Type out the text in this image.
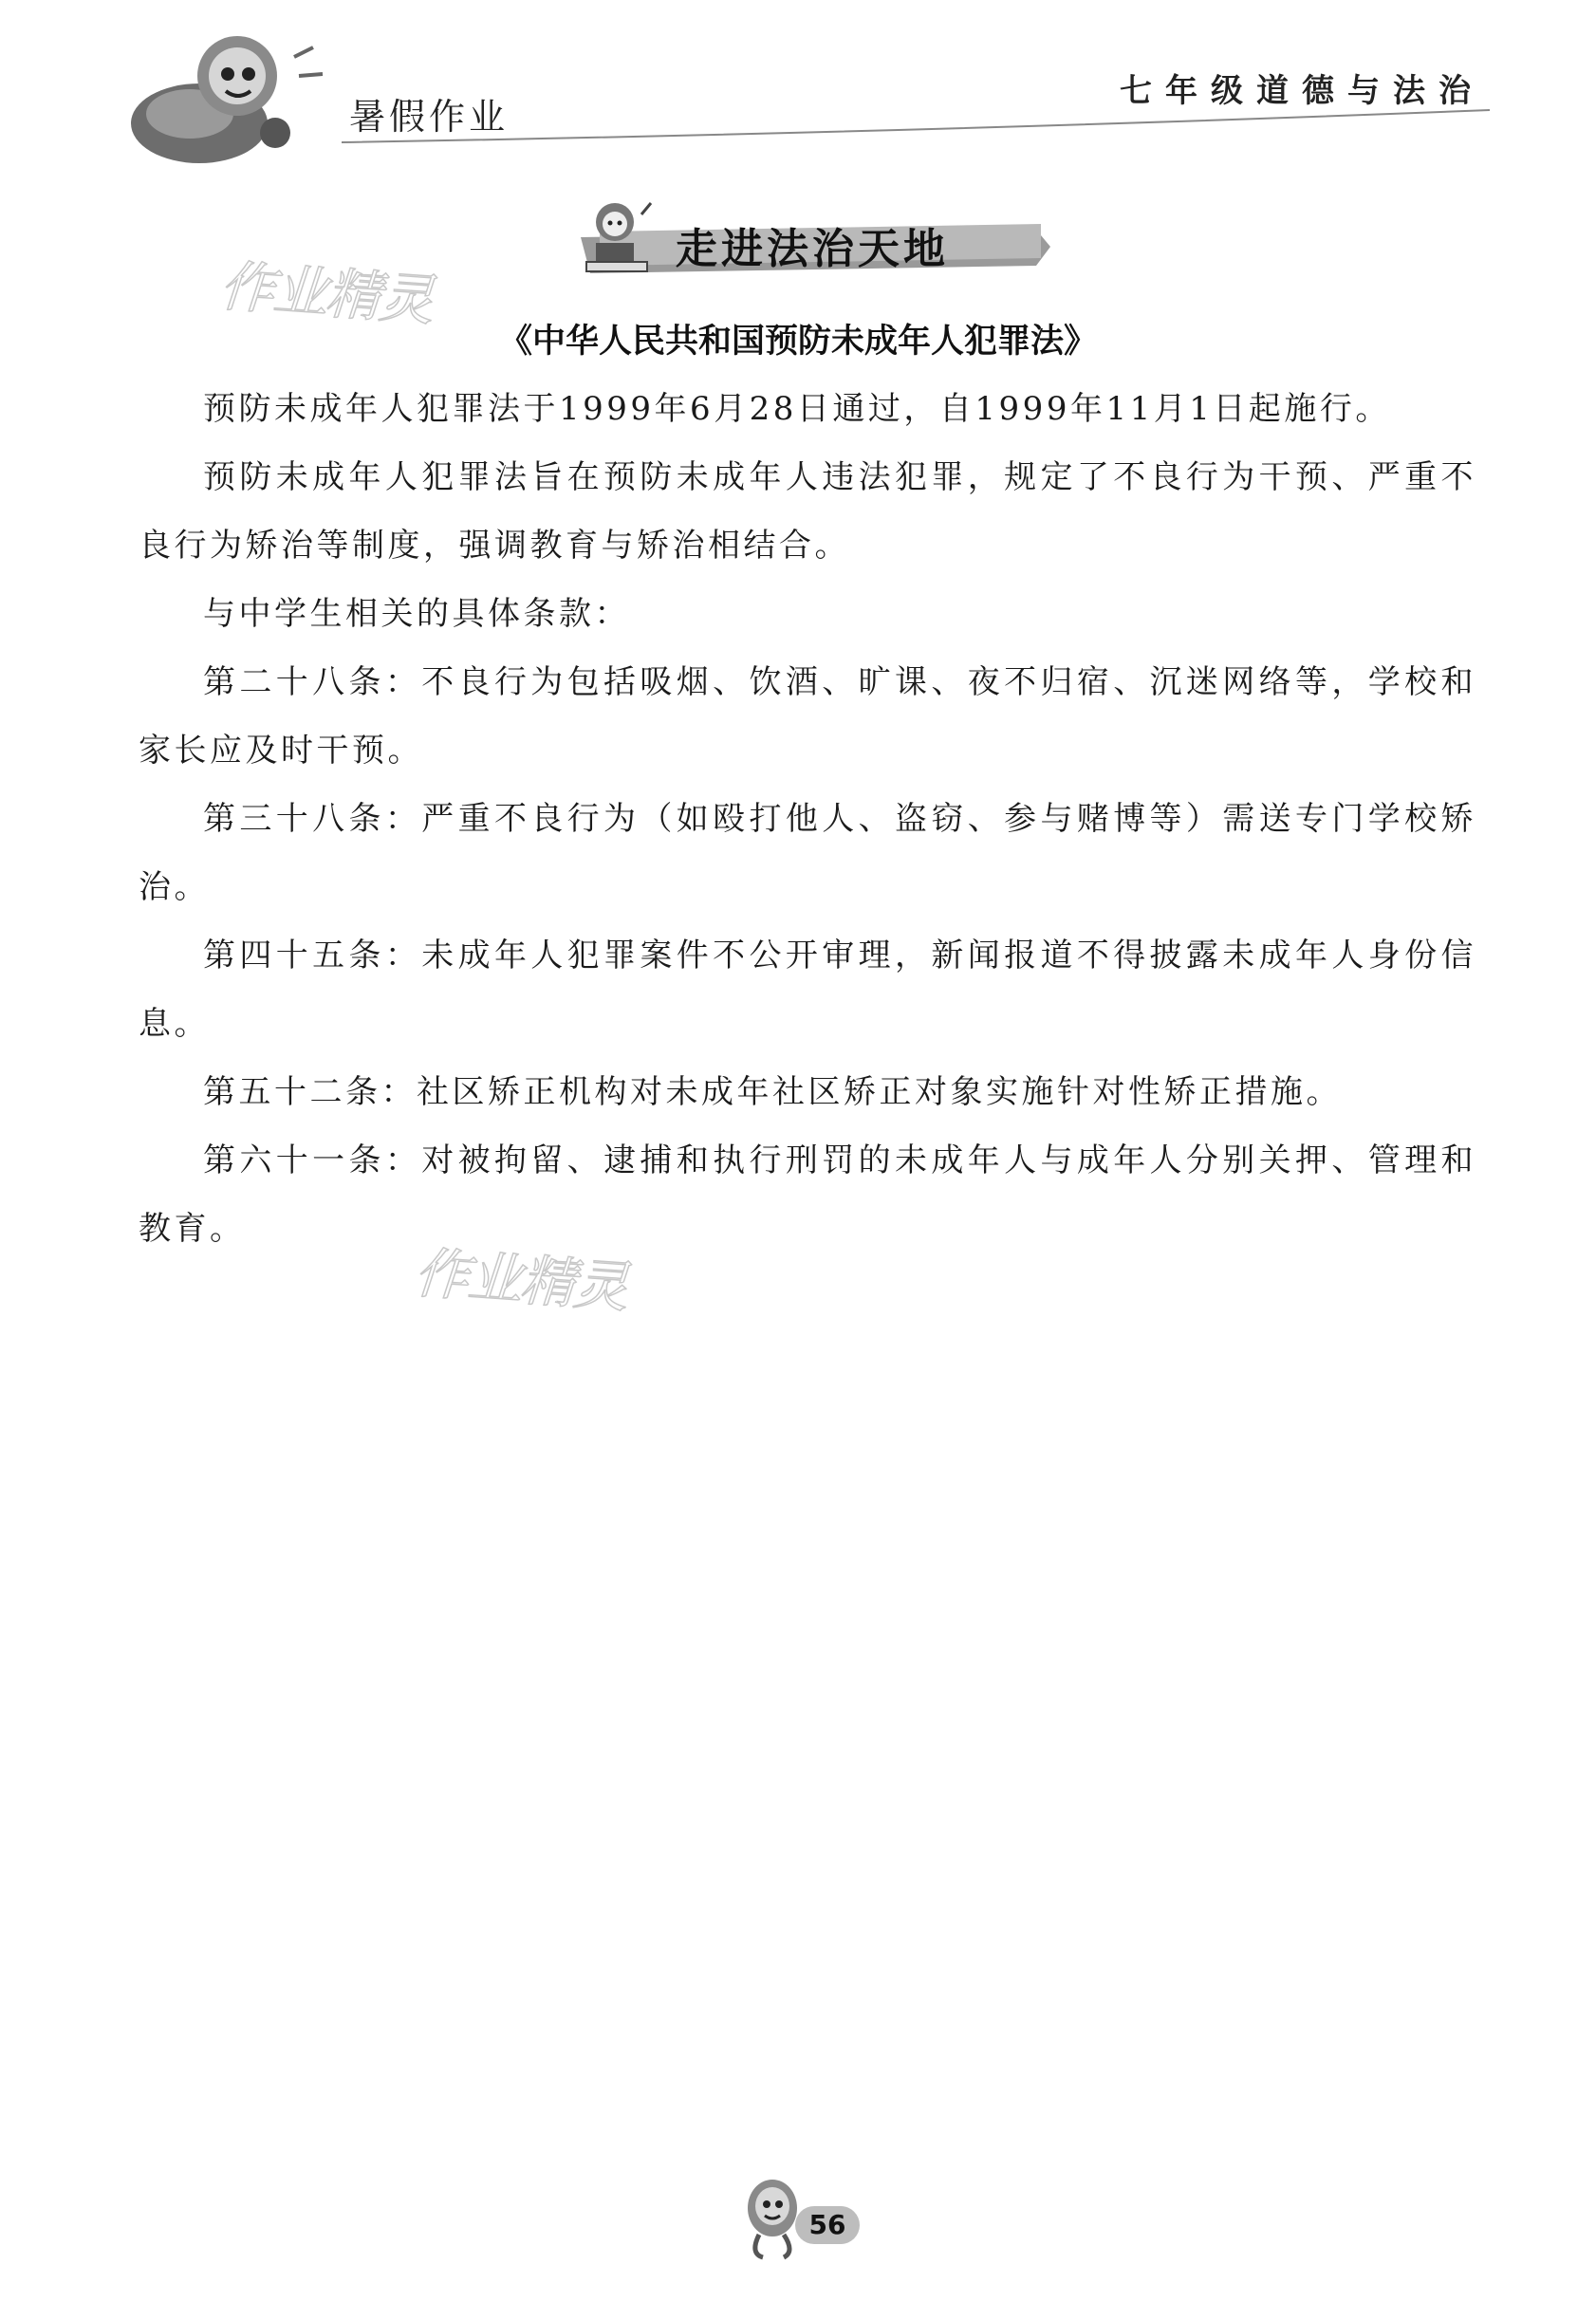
暑假作业
七年级道德与法治
走进法治天地
作业精灵
作业精灵
《中华人民共和国预防未成年人犯罪法》

预防未成年人犯罪法于1999年6月28日通过，自1999年11月1日起施行。

预防未成年人犯罪法旨在预防未成年人违法犯罪，规定了不良行为干预、严重不良行为矫治等制度，强调教育与矫治相结合。

与中学生相关的具体条款：

第二十八条：不良行为包括吸烟、饮酒、旷课、夜不归宿、沉迷网络等，学校和家长应及时干预。

第三十八条：严重不良行为（如殴打他人、盗窃、参与赌博等）需送专门学校矫治。

第四十五条：未成年人犯罪案件不公开审理，新闻报道不得披露未成年人身份信息。

第五十二条：社区矫正机构对未成年社区矫正对象实施针对性矫正措施。

第六十一条：对被拘留、逮捕和执行刑罚的未成年人与成年人分别关押、管理和教育。

56
